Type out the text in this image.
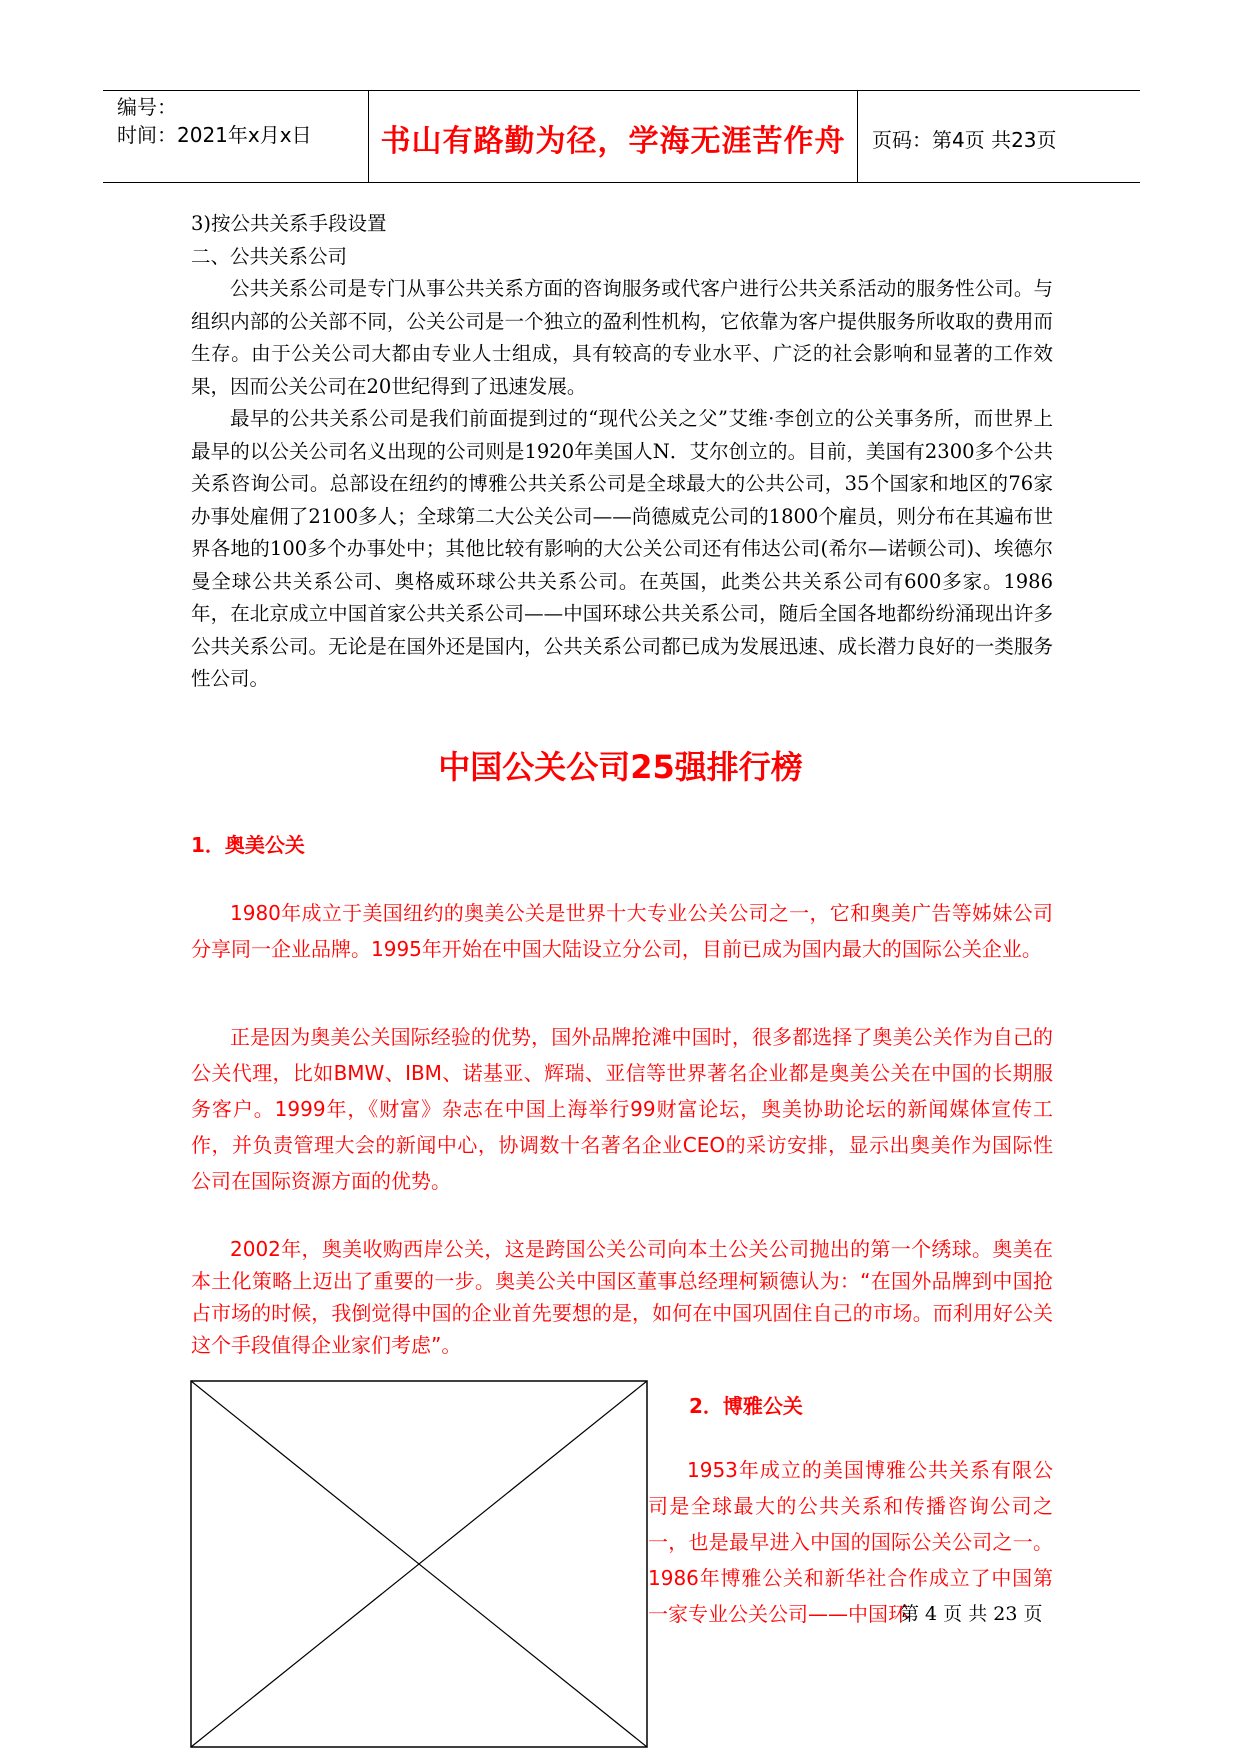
编号：
时间：2021年x月x日	书山有路勤为径，学海无涯苦作舟	页码：第4页 共23页

3)按公共关系手段设置

二、公共关系公司

公共关系公司是专门从事公共关系方面的咨询服务或代客户进行公共关系活动的服务性公司。与组织内部的公关部不同，公关公司是一个独立的盈利性机构，它依靠为客户提供服务所收取的费用而生存。由于公关公司大都由专业人士组成，具有较高的专业水平、广泛的社会影响和显著的工作效果，因而公关公司在20世纪得到了迅速发展。

最早的公共关系公司是我们前面提到过的“现代公关之父”艾维·李创立的公关事务所，而世界上最早的以公关公司名义出现的公司则是1920年美国人N．艾尔创立的。目前，美国有2300多个公共关系咨询公司。总部设在纽约的博雅公共关系公司是全球最大的公共公司，35个国家和地区的76家办事处雇佣了2100多人；全球第二大公关公司——尚德威克公司的1800个雇员，则分布在其遍布世界各地的100多个办事处中；其他比较有影响的大公关公司还有伟达公司(希尔—诺顿公司)、埃德尔曼全球公共关系公司、奥格威环球公共关系公司。在英国，此类公共关系公司有600多家。1986年，在北京成立中国首家公共关系公司——中国环球公共关系公司，随后全国各地都纷纷涌现出许多公共关系公司。无论是在国外还是国内，公共关系公司都已成为发展迅速、成长潜力良好的一类服务性公司。

中国公关公司25强排行榜
1．奥美公关
1980年成立于美国纽约的奥美公关是世界十大专业公关公司之一，它和奥美广告等姊妹公司分享同一企业品牌。1995年开始在中国大陆设立分公司，目前已成为国内最大的国际公关企业。
正是因为奥美公关国际经验的优势，国外品牌抢滩中国时，很多都选择了奥美公关作为自己的公关代理，比如BMW、IBM、诺基亚、辉瑞、亚信等世界著名企业都是奥美公关在中国的长期服务客户。1999年，《财富》杂志在中国上海举行99财富论坛，奥美协助论坛的新闻媒体宣传工作，并负责管理大会的新闻中心，协调数十名著名企业CEO的采访安排，显示出奥美作为国际性公司在国际资源方面的优势。
2002年，奥美收购西岸公关，这是跨国公关公司向本土公关公司抛出的第一个绣球。奥美在本土化策略上迈出了重要的一步。奥美公关中国区董事总经理柯颖德认为：“在国外品牌到中国抢占市场的时候，我倒觉得中国的企业首先要想的是，如何在中国巩固住自己的市场。而利用好公关这个手段值得企业家们考虑”。
2．博雅公关
1953年成立的美国博雅公共关系有限公司是全球最大的公共关系和传播咨询公司之一，也是最早进入中国的国际公关公司之一。1986年博雅公关和新华社合作成立了中国第一家专业公关公司——中国环
第 4 页 共 23 页
